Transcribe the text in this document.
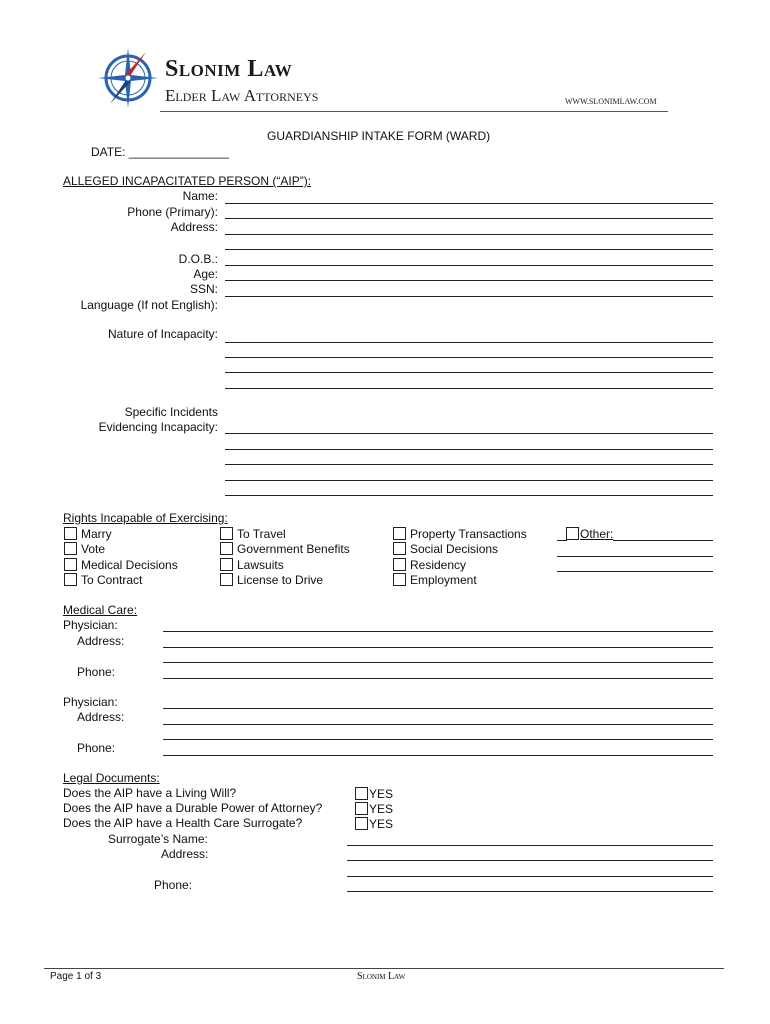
Slonim Law
Elder Law Attorneys	WWW.SLONIMLAW.COM
GUARDIANSHIP INTAKE FORM (WARD)
DATE: _______________
ALLEGED INCAPACITATED PERSON (“AIP”):
Name:
Phone (Primary):
Address:
D.O.B.:
Age:
SSN:
Language (If not English):
Nature of Incapacity:
Specific Incidents
Evidencing Incapacity:
Rights Incapable of Exercising:
Marry
Vote
Medical Decisions
To Contract
To Travel
Government Benefits
Lawsuits
License to Drive
Property Transactions
Social Decisions
Residency
Employment
Other:
Medical Care:
Physician:
Address:
Phone:
Physician:
Address:
Phone:
Legal Documents:
Does the AIP have a Living Will?
Does the AIP have a Durable Power of Attorney?
Does the AIP have a Health Care Surrogate?
YES
YES
YES
Surrogate’s Name:
Address:
Phone:
Page 1 of 3	Slonim Law
